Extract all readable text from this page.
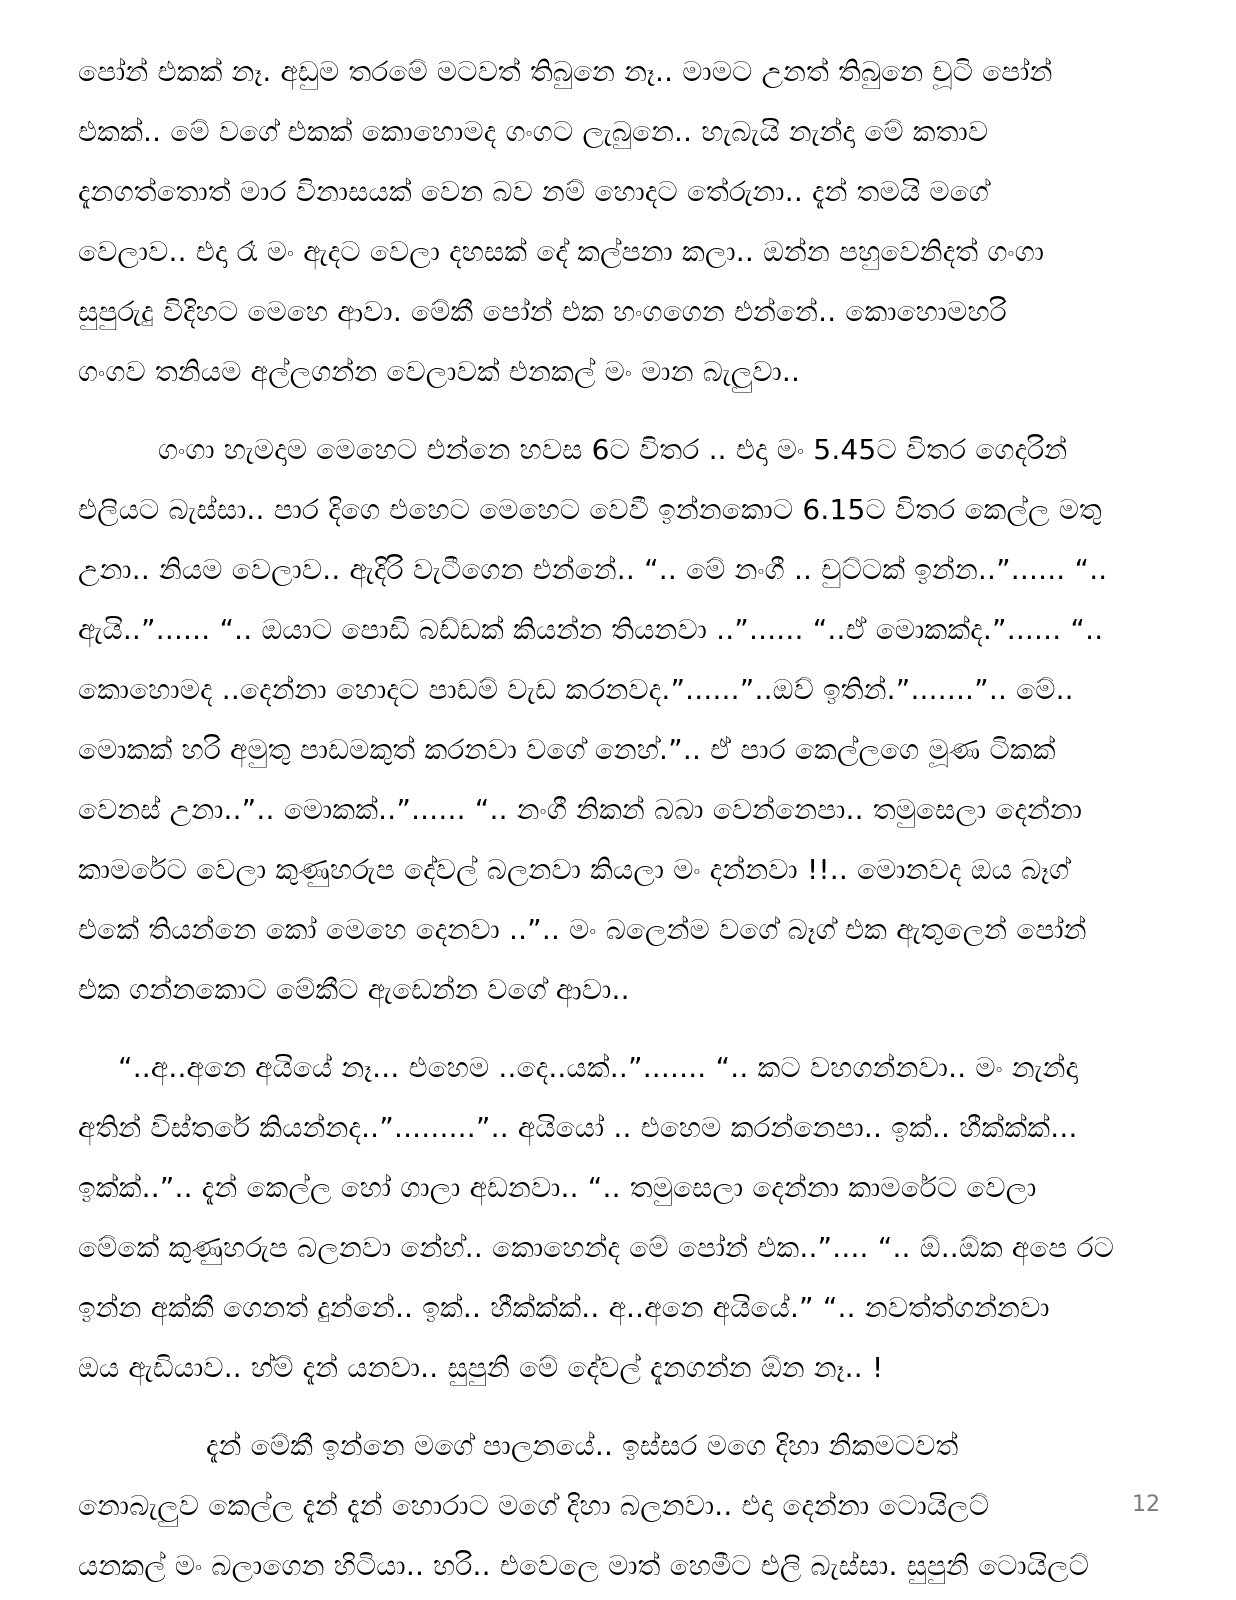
පෝන් එකක් නෑ. අඩුම තරමේ මටවත් තිබුනෙ නෑ.. මාමට උනත් තිබුනෙ චූටි පෝන්
එකක්.. මේ වගේ එකක් කොහොමද ගංගට ලැබුනෙ.. හැබැයි නැන්දා මේ කතාව
දැනගත්තොත් මාර විනාසයක් වෙන බව නම් හොදට තේරුනා.. දැන් තමයි මගේ
වෙලාව.. එදා රෑ මං ඇදට වෙලා දහසක් දේ කල්පනා කලා.. ඔන්න පහුවෙනිදත් ගංගා
සුපුරුදු විදිහට මෙහෙ ආවා. මේකී පෝන් එක හංගගෙන එන්නේ.. කොහොමහරි
ගංගව තනියම අල්ලගන්න වෙලාවක් එනකල් මං මාන බැලුවා..
ගංගා හැමදාම මෙහෙට එන්නෙ හවස 6ට විතර .. එදා මං 5.45ට විතර ගෙදරින්
එලියට බැස්සා.. පාර දිගෙ එහෙට මෙහෙට වෙවී ඉන්නකොට 6.15ට විතර කෙල්ල මතු
උනා.. නියම වෙලාව.. ඇදිරි වැටීගෙන එන්නේ.. “.. මේ නංගී .. චුට්ටක් ඉන්න..”...... “..
ඇයි..”...... “.. ඔයාට පොඩි බඩ්ඩක් කියන්න තියනවා ..”...... “..ඒ මොකක්ද.”...... “..
කොහොමද ..දෙන්නා හොදට පාඩම් වැඩ කරනවද.”......”..ඔව් ඉතින්.”.......”.. මේ..
මොකක් හරි අමුතු පාඩමකුත් කරනවා වගේ නෙහ්.”.. ඒ පාර කෙල්ලගෙ මූණ ටිකක්
වෙනස් උනා..”.. මොකක්..”...... “.. නංගී නිකන් බබා වෙන්නෙපා.. තමුසෙලා දෙන්නා
කාමරේට වෙලා කුණුහරුප දේවල් බලනවා කියලා මං දන්නවා !!.. මොනවද ඔය බෑග්
එකේ තියන්නෙ කෝ මෙහෙ දෙනවා ..”.. මං බලෙන්ම වගේ බෑග් එක ඇතුලෙන් පෝන්
එක ගන්නකොට මේකීට ඇඩෙන්න වගේ ආවා..
“..අ..අනෙ අයියේ නෑ... එහෙම ..දෙ..යක්..”....... “.. කට වහගන්නවා.. මං නැන්දා
අතින් විස්තරේ කියන්නද..”.........”.. අයියෝ .. එහෙම කරන්නෙපා.. ඉක්.. හීක්ක්ක්...
ඉක්ක්..”.. දැන් කෙල්ල හෝ ගාලා අඩනවා.. “.. තමුසෙලා දෙන්නා කාමරේට වෙලා
මේකේ කුණුහරුප බලනවා නේහ්.. කොහෙන්ද මේ පෝන් එක..”.... “.. ඕ..ඕක අපෙ රට
ඉන්න අක්කී ගෙනත් දුන්නේ.. ඉක්.. හීක්ක්ක්.. අ..අනෙ අයියේ.” “.. නවත්ත්ගන්නවා
ඔය ඇඩියාව.. හ්ම් දැන් යනවා.. සුපුනි මේ දේවල් දැනගන්න ඕන නෑ.. !
දැන් මේකී ඉන්නෙ මගේ පාලනයේ.. ඉස්සර මගෙ දිහා නිකමටවත්
නොබැලුව කෙල්ල දැන් දැන් හොරාට මගේ දිහා බලනවා.. එදා දෙන්නා ටොයිලට්
යනකල් මං බලාගෙන හිටියා.. හරි.. එවෙලෙ මාත් හෙමීට එලි බැස්සා. සුපුනි ටොයිලට්
12
